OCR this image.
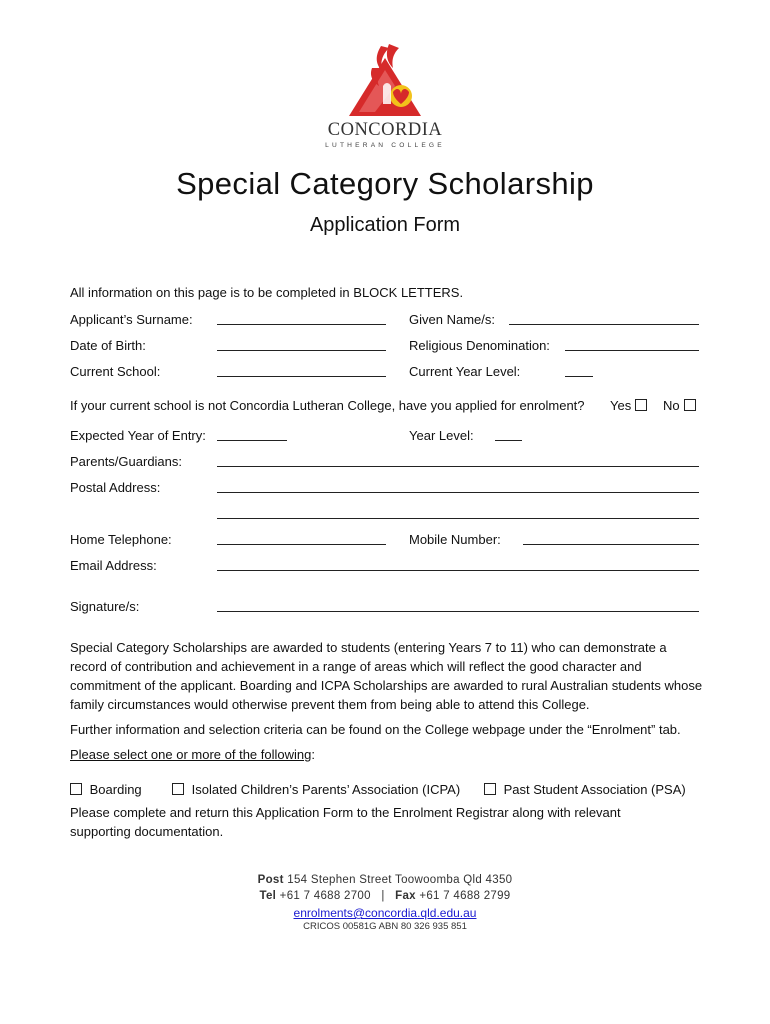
CONCORDIA
LUTHERAN COLLEGE
Special Category Scholarship
Application Form
All information on this page is to be completed in BLOCK LETTERS.
Applicant’s Surname:	Given Name/s:
Date of Birth:	Religious Denomination:
Current School:	Current Year Level:
If your current school is not Concordia Lutheran College, have you applied for enrolment? Yes	No
Expected Year of Entry:	Year Level:
Parents/Guardians:
Postal Address:
Home Telephone:	Mobile Number:
Email Address:
Signature/s:
Special Category Scholarships are awarded to students (entering Years 7 to 11) who can demonstrate a record of contribution and achievement in a range of areas which will reflect the good character and commitment of the applicant. Boarding and ICPA Scholarships are awarded to rural Australian students whose family circumstances would otherwise prevent them from being able to attend this College.
Further information and selection criteria can be found on the College webpage under the “Enrolment” tab.
Please select one or more of the following:
Boarding	Isolated Children’s Parents’ Association (ICPA)	Past Student Association (PSA)
Please complete and return this Application Form to the Enrolment Registrar along with relevant supporting documentation.
Post 154 Stephen Street Toowoomba Qld 4350
Tel +61 7 4688 2700 | Fax +61 7 4688 2799
enrolments@concordia.qld.edu.au
CRICOS 00581G ABN 80 326 935 851
